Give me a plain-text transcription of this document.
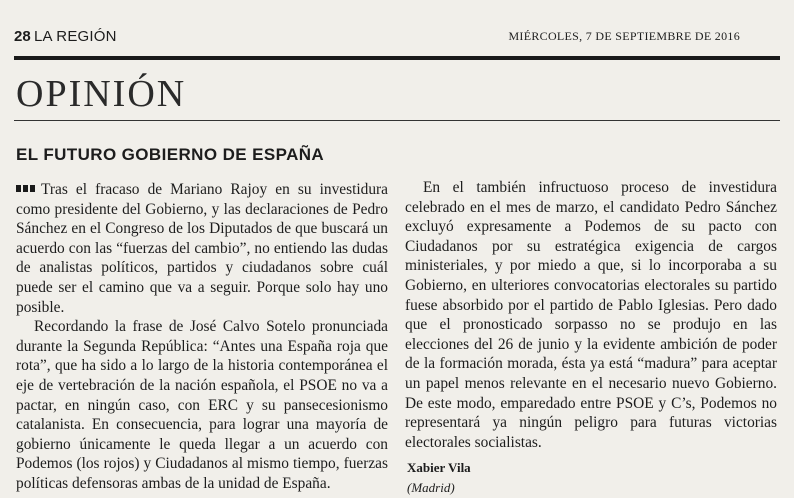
28 LA REGIÓN	MIÉRCOLES, 7 DE SEPTIEMBRE DE 2016
OPINIÓN
EL FUTURO GOBIERNO DE ESPAÑA

Tras el fracaso de Mariano Rajoy en su investidura como presidente del Gobierno, y las declaraciones de Pedro Sánchez en el Congreso de los Diputados de que buscará un acuerdo con las “fuerzas del cambio”, no entiendo las dudas de analistas políticos, partidos y ciudadanos sobre cuál puede ser el camino que va a seguir. Porque solo hay uno posible.

Recordando la frase de José Calvo Sotelo pronunciada durante la Segunda República: “Antes una España roja que rota”, que ha sido a lo largo de la historia contemporánea el eje de vertebración de la nación española, el PSOE no va a pactar, en ningún caso, con ERC y su pansecesionismo catalanista. En consecuencia, para lograr una mayoría de gobierno únicamente le queda llegar a un acuerdo con Podemos (los rojos) y Ciudadanos al mismo tiempo, fuerzas políticas defensoras ambas de la unidad de España.

En el también infructuoso proceso de investidura celebrado en el mes de marzo, el candidato Pedro Sánchez excluyó expresamente a Podemos de su pacto con Ciudadanos por su estratégica exigencia de cargos ministeriales, y por miedo a que, si lo incorporaba a su Gobierno, en ulteriores convocatorias electorales su partido fuese absorbido por el partido de Pablo Iglesias. Pero dado que el pronosticado sorpasso no se produjo en las elecciones del 26 de junio y la evidente ambición de poder de la formación morada, ésta ya está “madura” para aceptar un papel menos relevante en el necesario nuevo Gobierno. De este modo, emparedado entre PSOE y C’s, Podemos no representará ya ningún peligro para futuras victorias electorales socialistas.

Xabier Vila
(Madrid)
